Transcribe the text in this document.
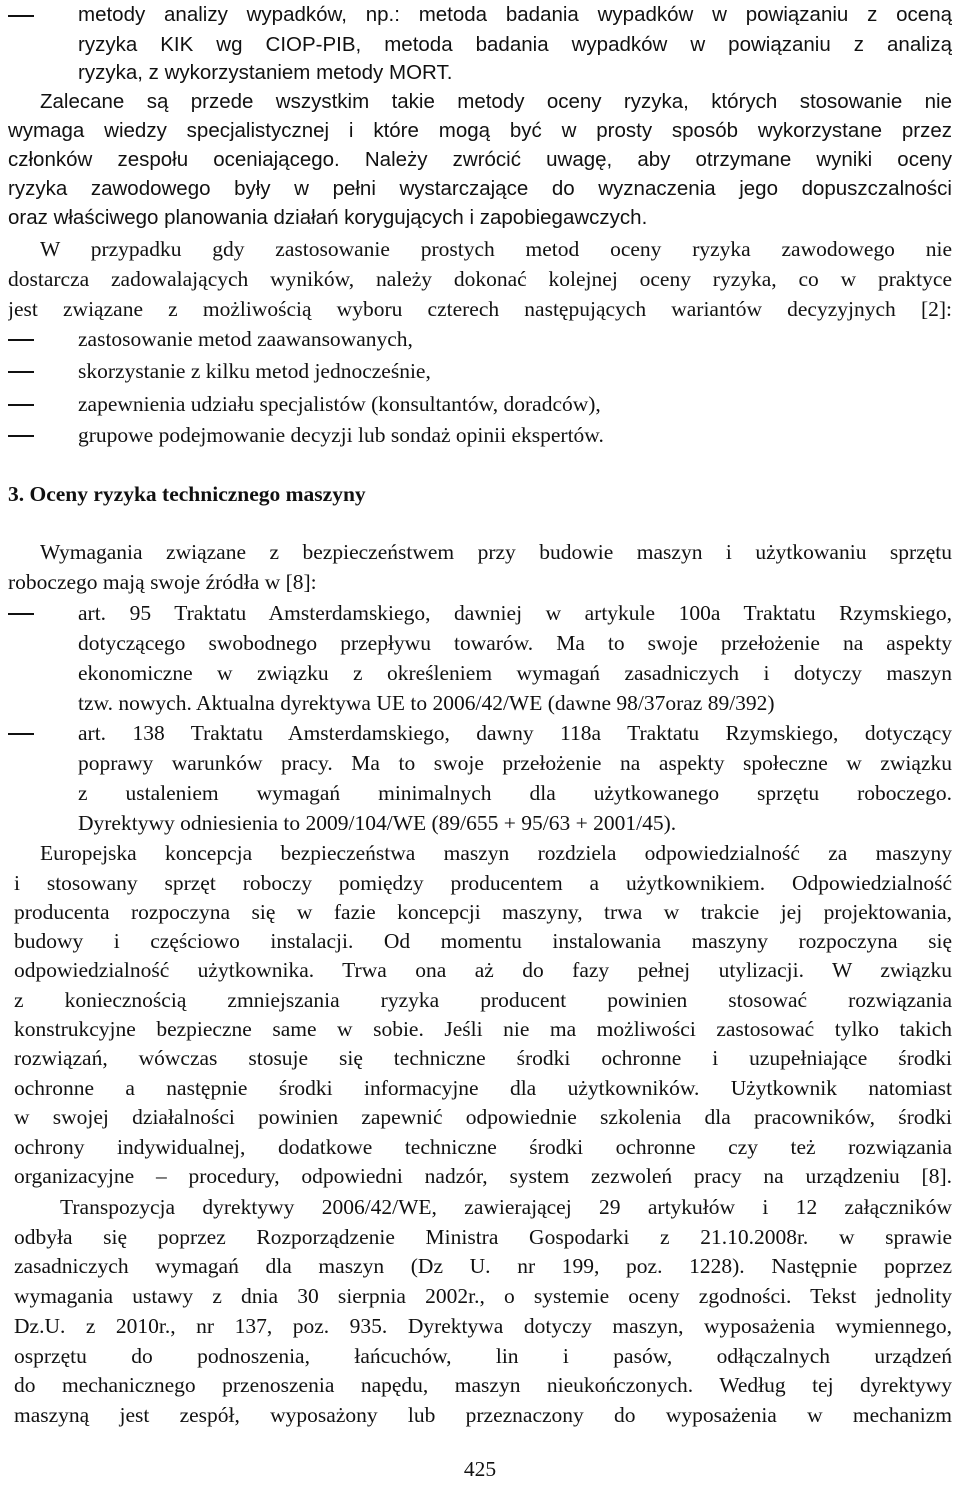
metody analizy wypadków, np.: metoda badania wypadków w powiązaniu z oceną
ryzyka KIK wg CIOP-PIB, metoda badania wypadków w powiązaniu z analizą
ryzyka, z wykorzystaniem metody MORT.
Zalecane są przede wszystkim takie metody oceny ryzyka, których stosowanie nie
wymaga wiedzy specjalistycznej i które mogą być w prosty sposób wykorzystane przez
członków zespołu oceniającego. Należy zwrócić uwagę, aby otrzymane wyniki oceny
ryzyka zawodowego były w pełni wystarczające do wyznaczenia jego dopuszczalności
oraz właściwego planowania działań korygujących i zapobiegawczych.
W przypadku gdy zastosowanie prostych metod oceny ryzyka zawodowego nie
dostarcza zadowalających wyników, należy dokonać kolejnej oceny ryzyka, co w praktyce
jest związane z możliwością wyboru czterech następujących wariantów decyzyjnych [2]:
zastosowanie metod zaawansowanych,
skorzystanie z kilku metod jednocześnie,
zapewnienia udziału specjalistów (konsultantów, doradców),
grupowe podejmowanie decyzji lub sondaż opinii ekspertów.
3. Oceny ryzyka technicznego maszyny
Wymagania związane z bezpieczeństwem przy budowie maszyn i użytkowaniu sprzętu
roboczego mają swoje źródła w [8]:
art. 95 Traktatu Amsterdamskiego, dawniej w artykule 100a Traktatu Rzymskiego,
dotyczącego swobodnego przepływu towarów. Ma to swoje przełożenie na aspekty
ekonomiczne w związku z określeniem wymagań zasadniczych i dotyczy maszyn
tzw. nowych. Aktualna dyrektywa UE to 2006/42/WE (dawne 98/37oraz 89/392)
art. 138 Traktatu Amsterdamskiego, dawny 118a Traktatu Rzymskiego, dotyczący
poprawy warunków pracy. Ma to swoje przełożenie na aspekty społeczne w związku
z ustaleniem wymagań minimalnych dla użytkowanego sprzętu roboczego.
Dyrektywy odniesienia to 2009/104/WE (89/655 + 95/63 + 2001/45).
Europejska koncepcja bezpieczeństwa maszyn rozdziela odpowiedzialność za maszyny
i stosowany sprzęt roboczy pomiędzy producentem a użytkownikiem. Odpowiedzialność
producenta rozpoczyna się w fazie koncepcji maszyny, trwa w trakcie jej projektowania,
budowy i częściowo instalacji. Od momentu instalowania maszyny rozpoczyna się
odpowiedzialność użytkownika. Trwa ona aż do fazy pełnej utylizacji. W związku
z koniecznością zmniejszania ryzyka producent powinien stosować rozwiązania
konstrukcyjne bezpieczne same w sobie. Jeśli nie ma możliwości zastosować tylko takich
rozwiązań, wówczas stosuje się techniczne środki ochronne i uzupełniające środki
ochronne a następnie środki informacyjne dla użytkowników. Użytkownik natomiast
w swojej działalności powinien zapewnić odpowiednie szkolenia dla pracowników, środki
ochrony indywidualnej, dodatkowe techniczne środki ochronne czy też rozwiązania
organizacyjne – procedury, odpowiedni nadzór, system zezwoleń pracy na urządzeniu [8].
Transpozycja dyrektywy 2006/42/WE, zawierającej 29 artykułów i 12 załączników
odbyła się poprzez Rozporządzenie Ministra Gospodarki z 21.10.2008r. w sprawie
zasadniczych wymagań dla maszyn (Dz U. nr 199, poz. 1228). Następnie poprzez
wymagania ustawy z dnia 30 sierpnia 2002r., o systemie oceny zgodności. Tekst jednolity
Dz.U. z 2010r., nr 137, poz. 935. Dyrektywa dotyczy maszyn, wyposażenia wymiennego,
osprzętu do podnoszenia, łańcuchów, lin i pasów, odłączalnych urządzeń
do mechanicznego przenoszenia napędu, maszyn nieukończonych. Według tej dyrektywy
maszyną jest zespół, wyposażony lub przeznaczony do wyposażenia w mechanizm
425
